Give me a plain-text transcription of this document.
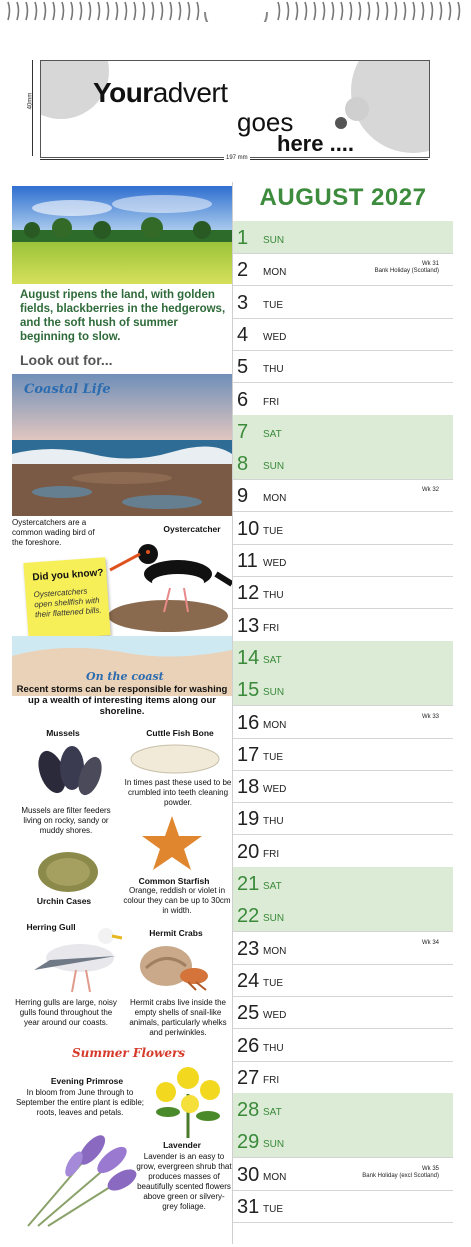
Youradvert
goes
here ....
40mm
197 mm
August ripens the land, with golden fields, blackberries in the hedgerows, and the soft hush of summer beginning to slow.
Look out for...
Coastal Life
Oystercatchers are a common wading bird of the foreshore.
Oystercatcher
Did you know?
Oystercatchers open shellfish with their flattened bills.
On the coast
Recent storms can be responsible for washing up a wealth of interesting items along our shoreline.
Mussels
Mussels are filter feeders living on rocky, sandy or muddy shores.
Cuttle Fish Bone
In times past these used to be crumbled into teeth cleaning powder.
Urchin Cases
Common Starfish
Orange, reddish or violet in colour they can be up to 30cm in width.
Herring Gull
Herring gulls are large, noisy gulls found throughout the year around our coasts.
Hermit Crabs
Hermit crabs live inside the empty shells of snail-like animals, particularly whelks and periwinkles.
Summer Flowers
Evening Primrose
In bloom from June through to September the entire plant is edible; roots, leaves and petals.
Lavender
Lavender is an easy to grow, evergreen shrub that produces masses of beautifully scented flowers above green or silvery-grey foliage.
AUGUST 2027
1 SUN
2 MON
Wk 31
Bank Holiday (Scotland)
3 TUE
4 WED
5 THU
6 FRI
7 SAT
8 SUN
9 MON
Wk 32
10 TUE
11 WED
12 THU
13 FRI
14 SAT
15 SUN
16 MON
Wk 33
17 TUE
18 WED
19 THU
20 FRI
21 SAT
22 SUN
23 MON
Wk 34
24 TUE
25 WED
26 THU
27 FRI
28 SAT
29 SUN
30 MON
Wk 35
Bank Holiday (excl Scotland)
31 TUE
